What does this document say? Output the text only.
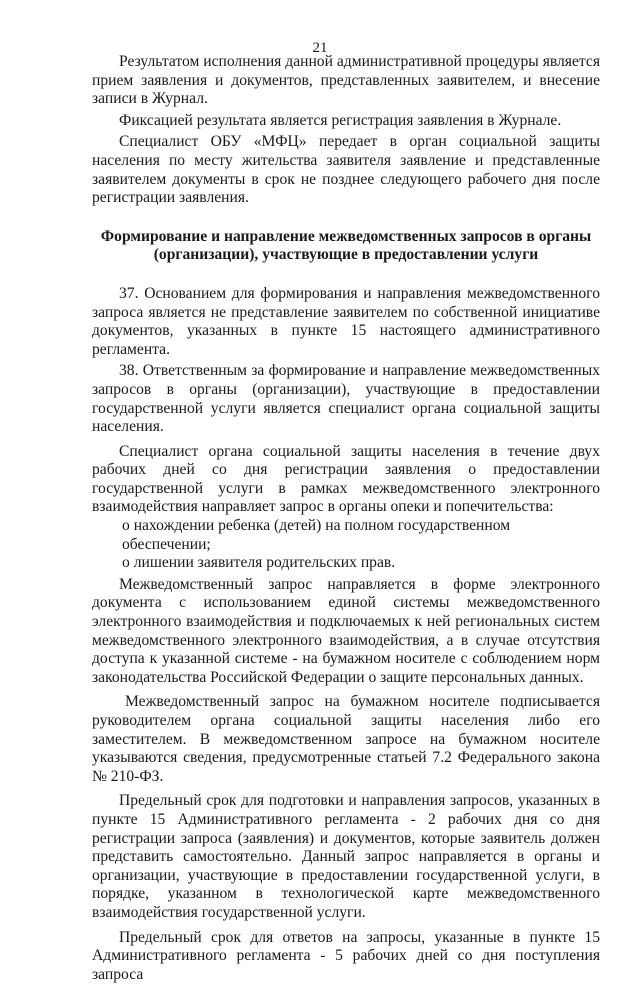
21

Результатом исполнения данной административной процедуры является прием заявления и документов, представленных заявителем, и внесение записи в Журнал.

Фиксацией результата является регистрация заявления в Журнале.

Специалист ОБУ «МФЦ» передает в орган социальной защиты населения по месту жительства заявителя заявление и представленные заявителем документы в срок не позднее следующего рабочего дня после регистрации заявления.

Формирование и направление межведомственных запросов в органы (организации), участвующие в предоставлении услуги

37. Основанием для формирования и направления межведомственного запроса является не представление заявителем по собственной инициативе документов, указанных в пункте 15 настоящего административного регламента.

38. Ответственным за формирование и направление межведомственных запросов в органы (организации), участвующие в предоставлении государственной услуги является специалист органа социальной защиты населения.

Специалист органа социальной защиты населения в течение двух рабочих дней со дня регистрации заявления о предоставлении государственной услуги в рамках межведомственного электронного взаимодействия направляет запрос в органы опеки и попечительства:

о нахождении ребенка (детей) на полном государственном обеспечении;

о лишении заявителя родительских прав.

Межведомственный запрос направляется в форме электронного документа с использованием единой системы межведомственного электронного взаимодействия и подключаемых к ней региональных систем межведомственного электронного взаимодействия, а в случае отсутствия доступа к указанной системе - на бумажном носителе с соблюдением норм законодательства Российской Федерации о защите персональных данных.

Межведомственный запрос на бумажном носителе подписывается руководителем органа социальной защиты населения либо его заместителем. В межведомственном запросе на бумажном носителе указываются сведения, предусмотренные статьей 7.2 Федерального закона № 210-ФЗ.

Предельный срок для подготовки и направления запросов, указанных в пункте 15 Административного регламента - 2 рабочих дня со дня регистрации запроса (заявления) и документов, которые заявитель должен представить самостоятельно. Данный запрос направляется в органы и организации, участвующие в предоставлении государственной услуги, в порядке, указанном в технологической карте межведомственного взаимодействия государственной услуги.

Предельный срок для ответов на запросы, указанные в пункте 15 Административного регламента - 5 рабочих дней со дня поступления запроса
